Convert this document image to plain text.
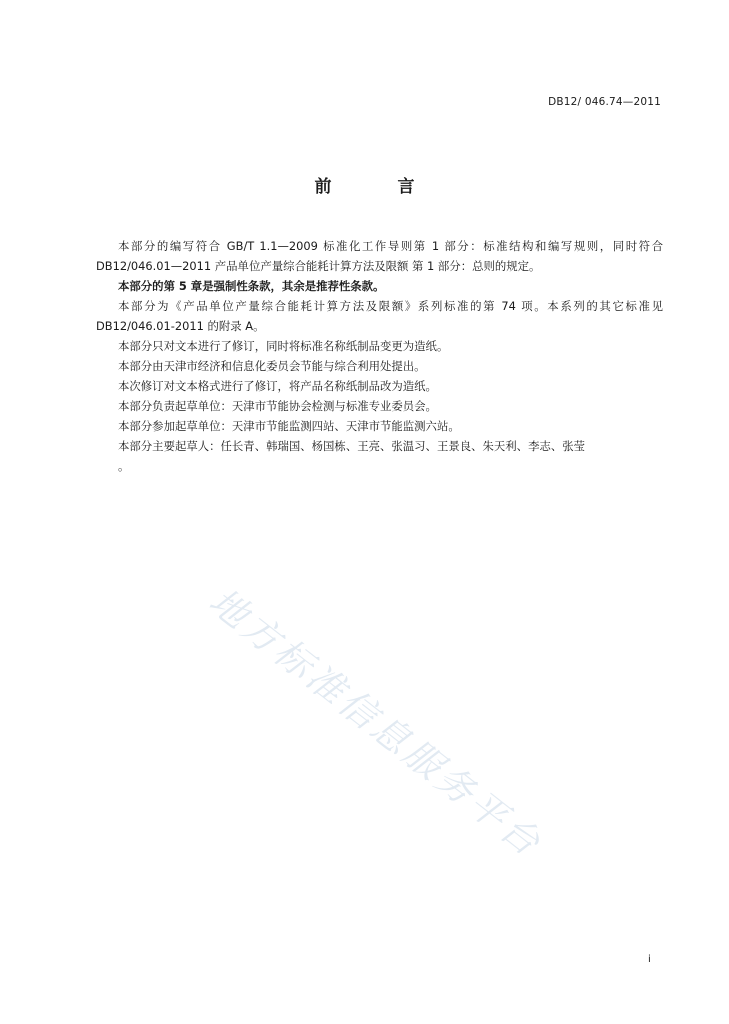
DB12/ 046.74—2011
前 言

本部分的编写符合 GB/T 1.1—2009 标准化工作导则第 1 部分：标准结构和编写规则，同时符合 DB12/046.01—2011 产品单位产量综合能耗计算方法及限额 第 1 部分：总则的规定。

本部分的第 5 章是强制性条款，其余是推荐性条款。

本部分为《产品单位产量综合能耗计算方法及限额》系列标准的第 74 项。本系列的其它标准见 DB12/046.01-2011 的附录 A。

本部分只对文本进行了修订，同时将标准名称纸制品变更为造纸。

本部分由天津市经济和信息化委员会节能与综合利用处提出。

本次修订对文本格式进行了修订，将产品名称纸制品改为造纸。

本部分负责起草单位：天津市节能协会检测与标准专业委员会。

本部分参加起草单位：天津市节能监测四站、天津市节能监测六站。

本部分主要起草人：任长青、韩瑞国、杨国栋、王亮、张温习、王景良、朱天利、李志、张莹

。

地方标准信息服务平台
i
